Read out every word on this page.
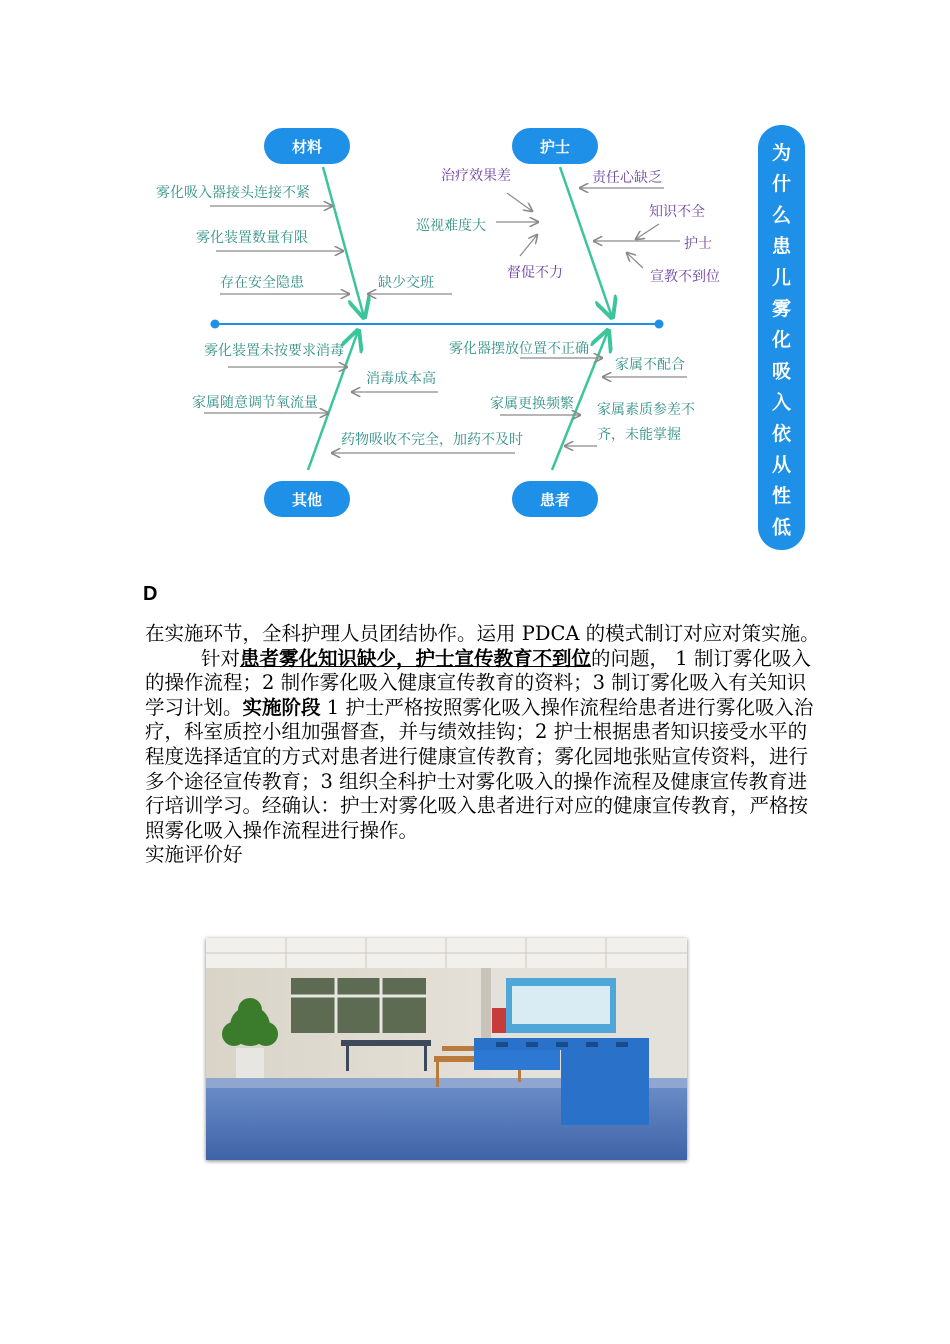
材料	护士
其他	患者
雾化吸入器接头连接不紧
雾化装置数量有限
存在安全隐患	缺少交班
治疗效果差	责任心缺乏
巡视难度大
知识不全
护士
督促不力	宣教不到位
雾化装置未按要求消毒
消毒成本高
家属随意调节氧流量
药物吸收不完全，加药不及时
雾化器摆放位置不正确
家属不配合
家属更换频繁 家属素质参差不
齐，未能掌握
为
什
么
患
儿
雾
化
吸
入
依
从
性
低
D

在实施环节，全科护理人员团结协作。运用 PDCA 的模式制订对应对策实施。

针对患者雾化知识缺少，护士宣传教育不到位的问题， 1 制订雾化吸入的操作流程；2 制作雾化吸入健康宣传教育的资料；3 制订雾化吸入有关知识学习计划。实施阶段 1 护士严格按照雾化吸入操作流程给患者进行雾化吸入治疗，科室质控小组加强督查，并与绩效挂钩；2 护士根据患者知识接受水平的程度选择适宜的方式对患者进行健康宣传教育；雾化园地张贴宣传资料，进行多个途径宣传教育；3 组织全科护士对雾化吸入的操作流程及健康宣传教育进行培训学习。经确认：护士对雾化吸入患者进行对应的健康宣传教育，严格按照雾化吸入操作流程进行操作。

实施评价好
